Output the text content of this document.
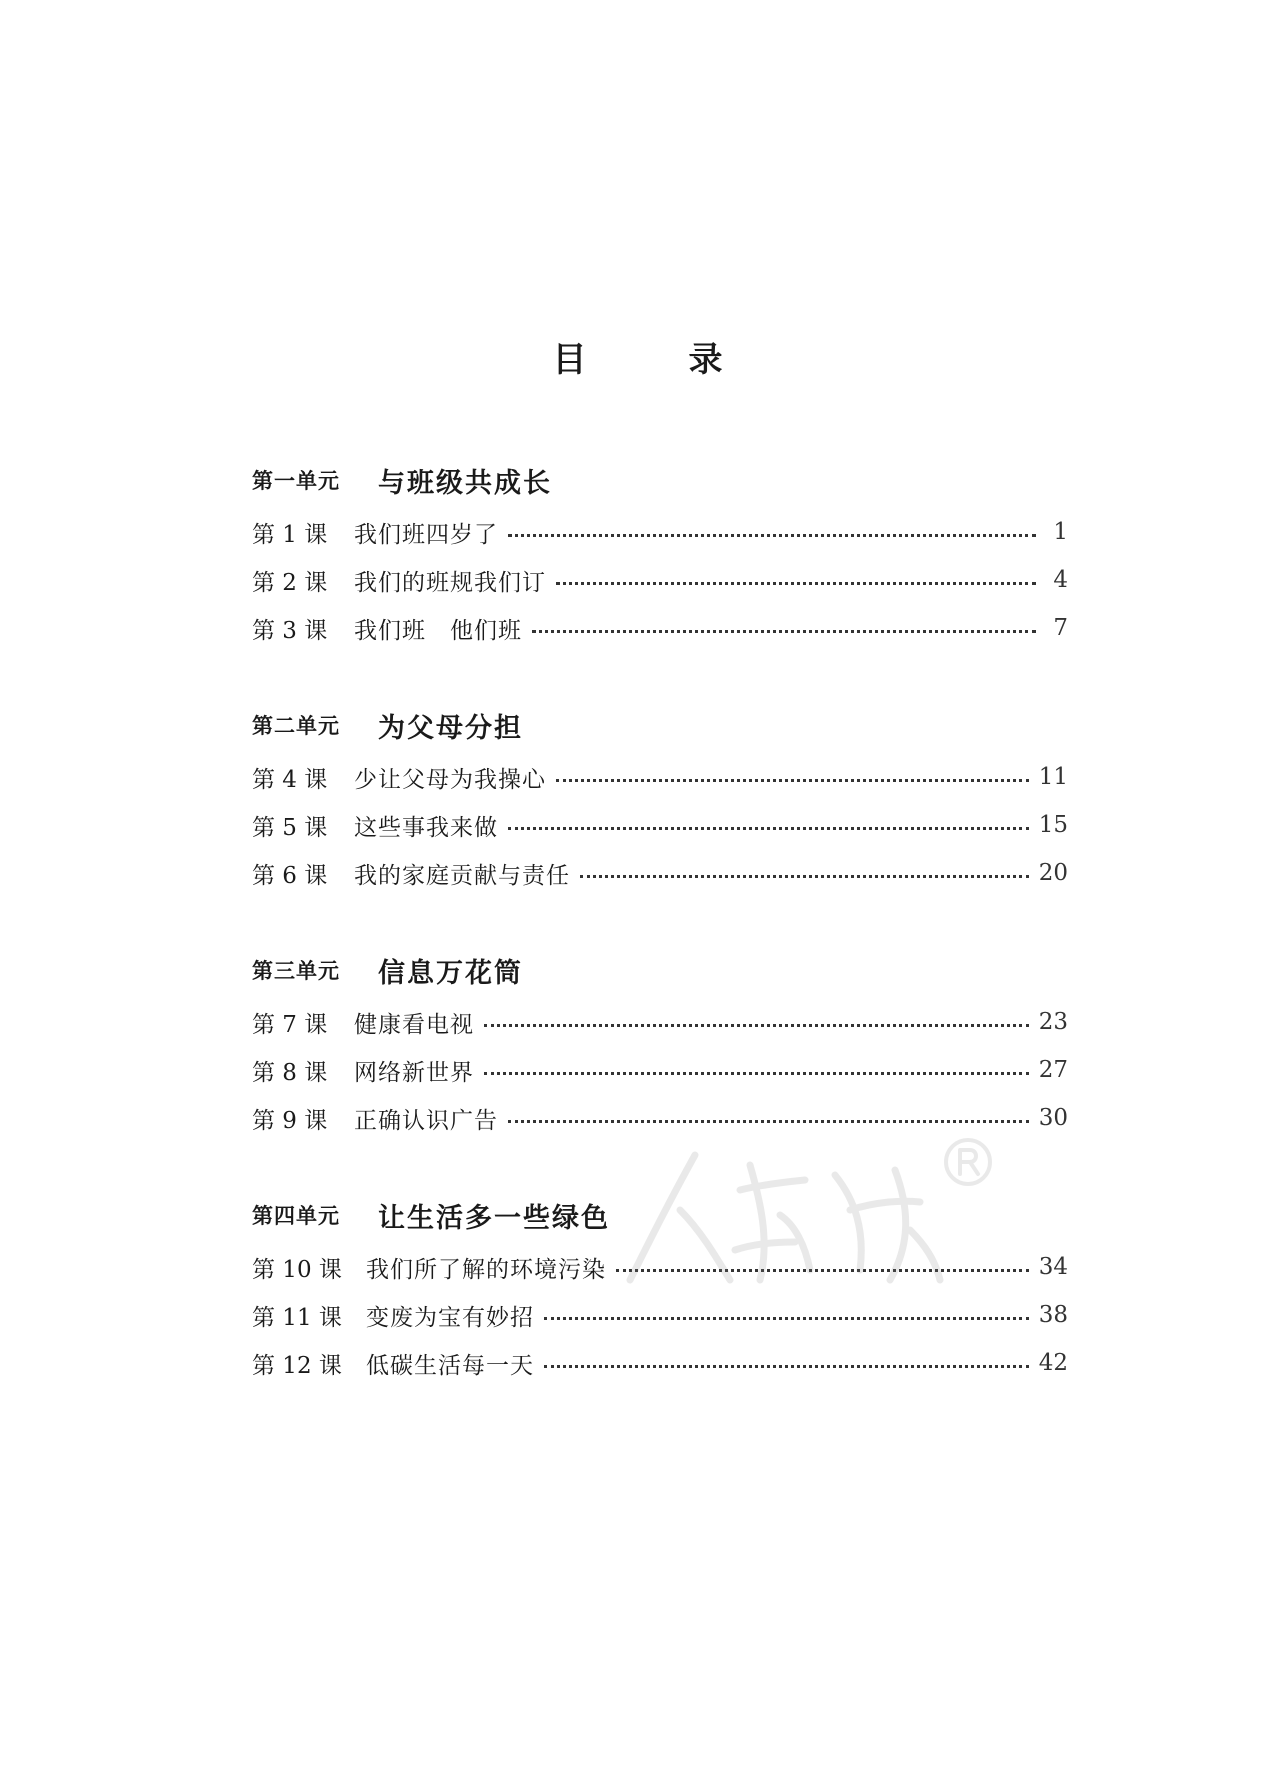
目　录
第一单元	与班级共成长
第 1 课	我们班四岁了	1
第 2 课	我们的班规我们订	4
第 3 课	我们班　他们班	7
第二单元	为父母分担
第 4 课	少让父母为我操心	11
第 5 课	这些事我来做	15
第 6 课	我的家庭贡献与责任	20
第三单元	信息万花筒
第 7 课	健康看电视	23
第 8 课	网络新世界	27
第 9 课	正确认识广告	30
第四单元	让生活多一些绿色
第 10 课	我们所了解的环境污染	34
第 11 课	变废为宝有妙招	38
第 12 课	低碳生活每一天	42
